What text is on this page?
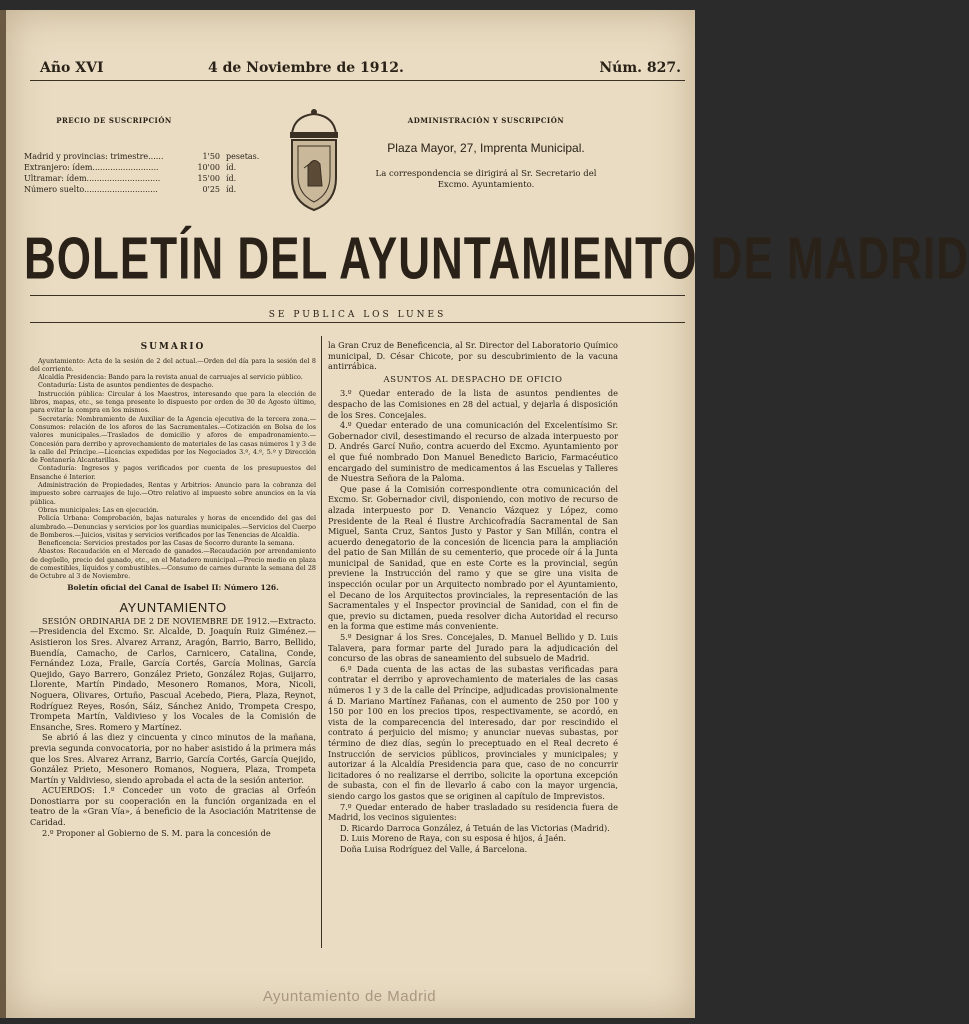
Año XVI	4 de Noviembre de 1912.	Núm. 827.
PRECIO DE SUSCRIPCIÓN
Madrid y provincias: trimestre......	1'50 pesetas.
Extranjero: ídem..........................	10'00 íd.
Ultramar: ídem.............................	15'00 íd.
Número suelto.............................	0'25 íd.
ADMINISTRACIÓN Y SUSCRIPCIÓN
Plaza Mayor, 27, Imprenta Municipal.
La correspondencia se dirigirá al Sr. Secretario del Excmo. Ayuntamiento.
BOLETÍN DEL AYUNTAMIENTO DE MADRID
SE PUBLICA LOS LUNES
SUMARIO

Ayuntamiento: Acta de la sesión de 2 del actual.—Orden del día para la sesión del 8 del corriente.

Alcaldía Presidencia: Bando para la revista anual de carruajes al servicio público.

Contaduría: Lista de asuntos pendientes de despacho.

Instrucción pública: Circular á los Maestros, interesando que para la elección de libros, mapas, etc., se tenga presente lo dispuesto por orden de 30 de Agosto último, para evitar la compra en los mismos.

Secretaría: Nombramiento de Auxiliar de la Agencia ejecutiva de la tercera zona.—Consumos: relación de los aforos de las Sacramentales.—Cotización en Bolsa de los valores municipales.—Traslados de domicilio y aforos de empadronamiento.—Concesión para derribo y aprovechamiento de materiales de las casas números 1 y 3 de la calle del Príncipe.—Licencias expedidas por los Negociados 3.º, 4.º, 5.º y Dirección de Fontanería Alcantarillas.

Contaduría: Ingresos y pagos verificados por cuenta de los presupuestos del Ensanche é Interior.

Administración de Propiedades, Rentas y Arbitrios: Anuncio para la cobranza del impuesto sobre carruajes de lujo.—Otro relativo al impuesto sobre anuncios en la vía pública.

Obras municipales: Las en ejecución.

Policía Urbana: Comprobación, bajas naturales y horas de encendido del gas del alumbrado.—Denuncias y servicios por los guardias municipales.—Servicios del Cuerpo de Bomberos.—Juicios, visitas y servicios verificados por las Tenencias de Alcaldía.

Beneficencia: Servicios prestados por las Casas de Socorro durante la semana.

Abastos: Recaudación en el Mercado de ganados.—Recaudación por arrendamiento de degüello, precio del ganado, etc., en el Matadero municipal.—Precio medio en plaza de comestibles, líquidos y combustibles.—Consumo de carnes durante la semana del 28 de Octubre al 3 de Noviembre.

Boletín oficial del Canal de Isabel II: Número 126.
AYUNTAMIENTO

SESIÓN ORDINARIA DE 2 DE NOVIEMBRE DE 1912.—Extracto.—Presidencia del Excmo. Sr. Alcalde, D. Joaquín Ruiz Giménez.—Asistieron los Sres. Alvarez Arranz, Aragón, Barrio, Barro, Bellido, Buendía, Camacho, de Carlos, Carnicero, Catalina, Conde, Fernández Loza, Fraile, García Cortés, García Molinas, García Quejido, Gayo Barrero, González Prieto, González Rojas, Guijarro, Llorente, Martín Pindado, Mesonero Romanos, Mora, Nicoli, Noguera, Olivares, Ortuño, Pascual Acebedo, Piera, Plaza, Reynot, Rodríguez Reyes, Rosón, Sáiz, Sánchez Anido, Trompeta Crespo, Trompeta Martín, Valdivieso y los Vocales de la Comisión de Ensanche, Sres. Romero y Martínez.

Se abrió á las diez y cincuenta y cinco minutos de la mañana, previa segunda convocatoria, por no haber asistido á la primera más que los Sres. Alvarez Arranz, Barrio, García Cortés, García Quejido, González Prieto, Mesonero Romanos, Noguera, Plaza, Trompeta Martín y Valdivieso, siendo aprobada el acta de la sesión anterior.

ACUERDOS: 1.º Conceder un voto de gracias al Orfeón Donostiarra por su cooperación en la función organizada en el teatro de la «Gran Vía», á beneficio de la Asociación Matritense de Caridad.

2.º Proponer al Gobierno de S. M. para la concesión de

la Gran Cruz de Beneficencia, al Sr. Director del Laboratorio Químico municipal, D. César Chicote, por su descubrimiento de la vacuna antirrábica.

ASUNTOS AL DESPACHO DE OFICIO

3.º Quedar enterado de la lista de asuntos pendientes de despacho de las Comisiones en 28 del actual, y dejarla á disposición de los Sres. Concejales.

4.º Quedar enterado de una comunicación del Excelentísimo Sr. Gobernador civil, desestimando el recurso de alzada interpuesto por D. Andrés Garcí Nuño, contra acuerdo del Excmo. Ayuntamiento por el que fué nombrado Don Manuel Benedicto Baricio, Farmacéutico encargado del suministro de medicamentos á las Escuelas y Talleres de Nuestra Señora de la Paloma.

Que pase á la Comisión correspondiente otra comunicación del Excmo. Sr. Gobernador civil, disponiendo, con motivo de recurso de alzada interpuesto por D. Venancio Vázquez y López, como Presidente de la Real é Ilustre Archicofradía Sacramental de San Miguel, Santa Cruz, Santos Justo y Pastor y San Millán, contra el acuerdo denegatorio de la concesión de licencia para la ampliación del patio de San Millán de su cementerio, que procede oír á la Junta municipal de Sanidad, que en este Corte es la provincial, según previene la Instrucción del ramo y que se gire una visita de inspección ocular por un Arquitecto nombrado por el Ayuntamiento, el Decano de los Arquitectos provinciales, la representación de las Sacramentales y el Inspector provincial de Sanidad, con el fin de que, previo su dictamen, pueda resolver dicha Autoridad el recurso en la forma que estime más conveniente.

5.º Designar á los Sres. Concejales, D. Manuel Bellido y D. Luis Talavera, para formar parte del Jurado para la adjudicación del concurso de las obras de saneamiento del subsuelo de Madrid.

6.º Dada cuenta de las actas de las subastas verificadas para contratar el derribo y aprovechamiento de materiales de las casas números 1 y 3 de la calle del Príncipe, adjudicadas provisionalmente á D. Mariano Martínez Fañanas, con el aumento de 250 por 100 y 150 por 100 en los precios tipos, respectivamente, se acordó, en vista de la comparecencia del interesado, dar por rescindido el contrato á perjuicio del mismo; y anunciar nuevas subastas, por término de diez días, según lo preceptuado en el Real decreto é Instrucción de servicios públicos, provinciales y municipales; y autorizar á la Alcaldía Presidencia para que, caso de no concurrir licitadores ó no realizarse el derribo, solicite la oportuna excepción de subasta, con el fin de llevarlo á cabo con la mayor urgencia, siendo cargo los gastos que se originen al capítulo de Imprevistos.

7.º Quedar enterado de haber trasladado su residencia fuera de Madrid, los vecinos siguientes:

D. Ricardo Darroca González, á Tetuán de las Victorias (Madrid).
D. Luis Moreno de Raya, con su esposa é hijos, á Jaén.
Doña Luisa Rodríguez del Valle, á Barcelona.
Ayuntamiento de Madrid
